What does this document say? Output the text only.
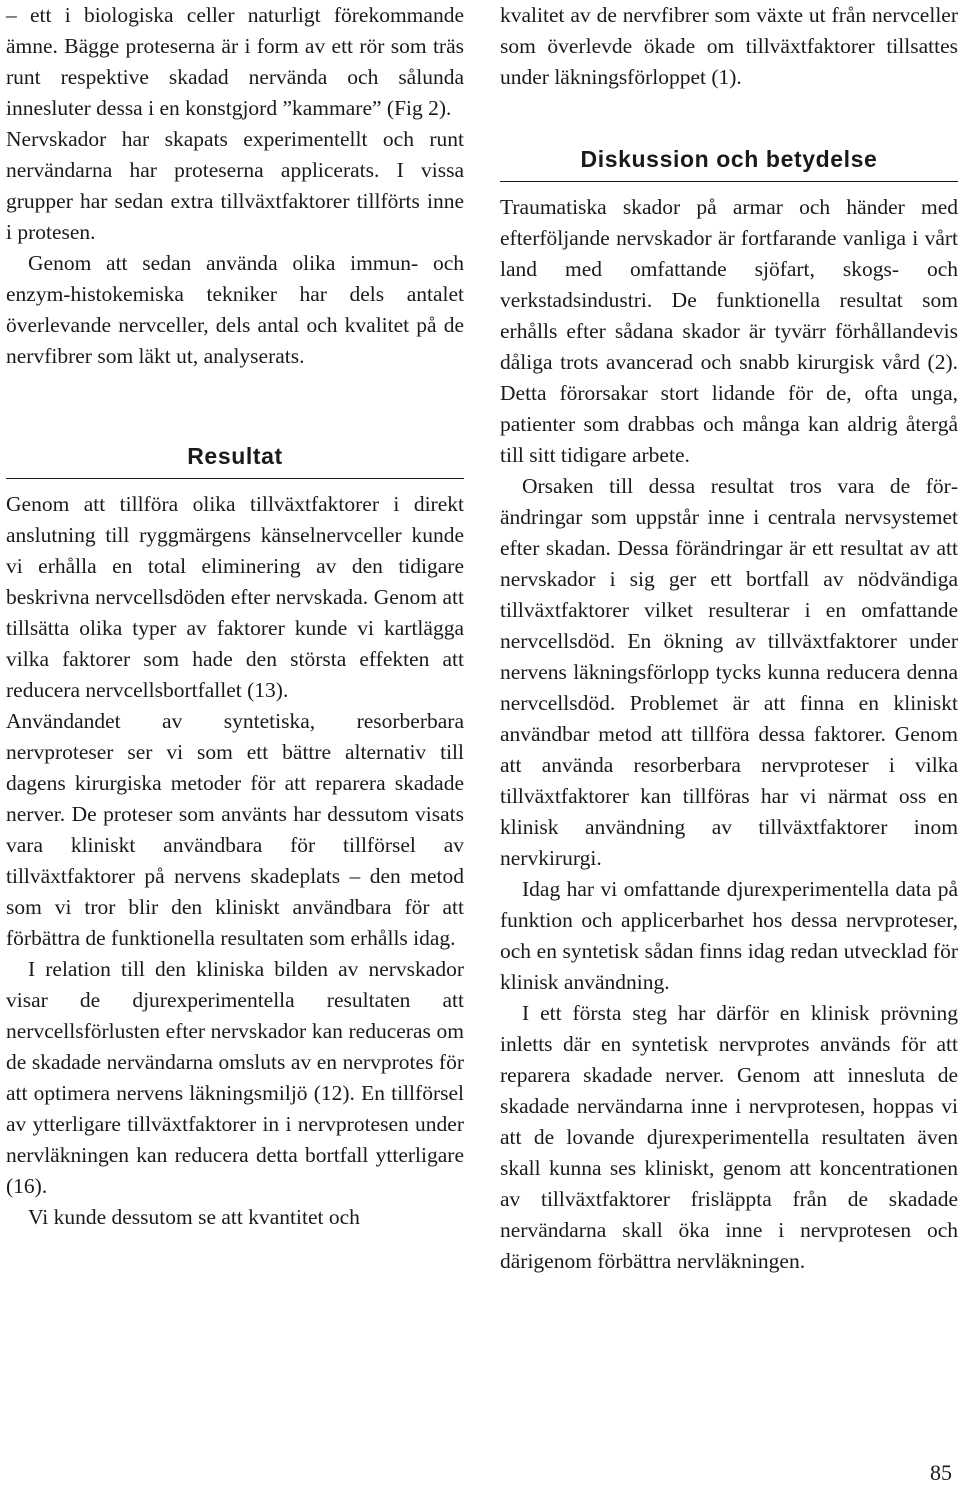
– ett i biologiska celler naturligt förekommande ämne. Bägge proteserna är i form av ett rör som träs runt respektive skadad nervända och sålunda innesluter dessa i en konstgjord ”kammare” (Fig 2).

Nervskador har skapats experimentellt och runt nervändarna har proteserna applicerats. I vissa grupper har sedan extra tillväxtfaktorer tillförts inne i protesen.

Genom att sedan använda olika immun- och enzym-histokemiska tekniker har dels antalet överlevande nervceller, dels antal och kvalitet på de nervfibrer som läkt ut, analyserats.

Resultat

Genom att tillföra olika tillväxtfaktorer i direkt anslutning till ryggmärgens känselnervceller kunde vi erhålla en total eliminering av den tidigare beskrivna nervcellsdöden efter nervskada. Genom att tillsätta olika typer av faktorer kunde vi kartlägga vilka faktorer som hade den största effekten att reducera nervcellsbortfallet (13).

Användandet av syntetiska, resorberbara nervproteser ser vi som ett bättre alternativ till dagens kirurgiska metoder för att reparera skadade nerver. De proteser som använts har dessutom visats vara kliniskt användbara för tillförsel av tillväxtfaktorer på nervens skadeplats – den metod som vi tror blir den kliniskt användbara för att förbättra de funktionella resultaten som erhålls idag.

I relation till den kliniska bilden av nervskador visar de djurexperimentella resultaten att nervcellsförlusten efter nervskador kan reduceras om de skadade nervändarna omsluts av en nervprotes för att optimera nervens läkningsmiljö (12). En tillförsel av ytterligare tillväxtfaktorer in i nervprotesen under nervläkningen kan reducera detta bortfall ytterligare (16).

Vi kunde dessutom se att kvantitet och

kvalitet av de nervfibrer som växte ut från nervceller som överlevde ökade om tillväxtfaktorer tillsattes under läkningsförloppet (1).

Diskussion och betydelse

Traumatiska skador på armar och händer med efterföljande nervskador är fortfarande vanliga i vårt land med omfattande sjöfart, skogs- och verkstadsindustri. De funktionella resultat som erhålls efter sådana skador är tyvärr förhållandevis dåliga trots avancerad och snabb kirurgisk vård (2). Detta förorsakar stort lidande för de, ofta unga, patienter som drabbas och många kan aldrig återgå till sitt tidigare arbete.

Orsaken till dessa resultat tros vara de förändringar som uppstår inne i centrala nervsystemet efter skadan. Dessa förändringar är ett resultat av att nervskador i sig ger ett bortfall av nödvändiga tillväxtfaktorer vilket resulterar i en omfattande nervcellsdöd. En ökning av tillväxtfaktorer under nervens läkningsförlopp tycks kunna reducera denna nervcellsdöd. Problemet är att finna en kliniskt användbar metod att tillföra dessa faktorer. Genom att använda resorberbara nervproteser i vilka tillväxtfaktorer kan tillföras har vi närmat oss en klinisk användning av tillväxtfaktorer inom nervkirurgi.

Idag har vi omfattande djurexperimentella data på funktion och applicerbarhet hos dessa nervproteser, och en syntetisk sådan finns idag redan utvecklad för klinisk användning.

I ett första steg har därför en klinisk prövning inletts där en syntetisk nervprotes används för att reparera skadade nerver. Genom att innesluta de skadade nervändarna inne i nervprotesen, hoppas vi att de lovande djurexperimentella resultaten även skall kunna ses kliniskt, genom att koncentrationen av tillväxtfaktorer frisläppta från de skadade nervändarna skall öka inne i nervprotesen och därigenom förbättra nervläkningen.

85
